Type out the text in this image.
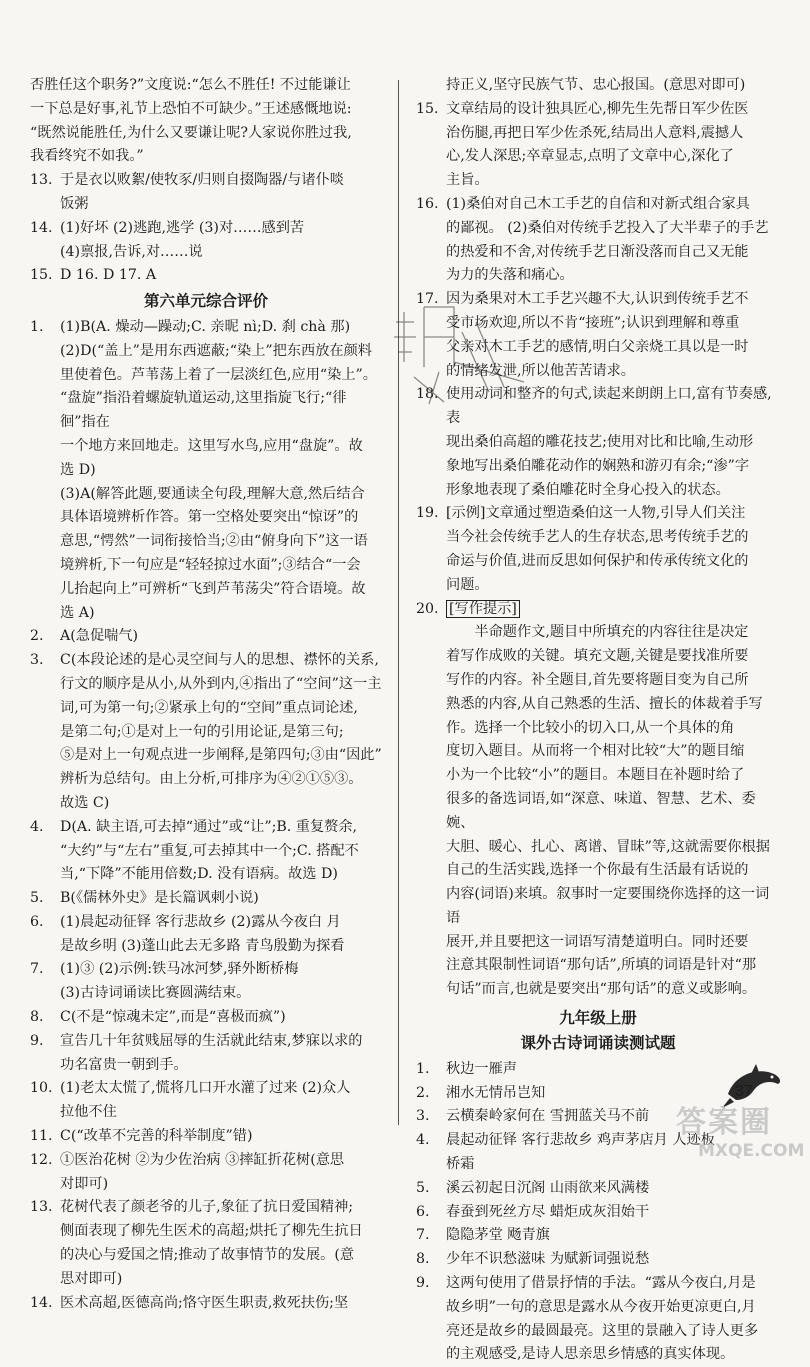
否胜任这个职务?”文度说:“怎么不胜任! 不过能谦让
一下总是好事,礼节上恐怕不可缺少。”王述感慨地说:
“既然说能胜任,为什么又要谦让呢?人家说你胜过我,
我看终究不如我。”
13. 于是衣以败絮/使牧豕/归则自掇陶器/与诸仆啖
饭粥
14. (1)好坏 (2)逃跑,逃学 (3)对……感到苦
(4)禀报,告诉,对……说
15. D 16. D 17. A
第六单元综合评价
1.	(1)B(A. 燥动—躁动;C. 亲昵 nì;D. 刹 chà 那)
(2)D(“盖上”是用东西遮蔽;“染上”把东西放在颜料
里使着色。芦苇荡上着了一层淡红色,应用“染上”。
“盘旋”指沿着螺旋轨道运动,这里指旋飞行;“徘徊”指在
一个地方来回地走。这里写水鸟,应用“盘旋”。故
选 D)
(3)A(解答此题,要通读全句段,理解大意,然后结合
具体语境辨析作答。第一空格处要突出“惊讶”的
意思,“愕然”一词衔接恰当;②由“俯身向下”这一语
境辨析,下一句应是“轻轻掠过水面”;③结合“一会
儿抬起向上”可辨析“飞到芦苇荡尖”符合语境。故
选 A)
2.	A(急促喘气)
3.	C(本段论述的是心灵空间与人的思想、襟怀的关系,
行文的顺序是从小,从外到内,④指出了“空间”这一主
词,可为第一句;②紧承上句的“空间”重点词论述,
是第二句;①是对上一句的引用论证,是第三句;
⑤是对上一句观点进一步阐释,是第四句;③由“因此”
辨析为总结句。由上分析,可排序为④②①⑤③。
故选 C)
4.	D(A. 缺主语,可去掉“通过”或“让”;B. 重复赘余,
“大约”与“左右”重复,可去掉其中一个;C. 搭配不
当,“下降”不能用倍数;D. 没有语病。故选 D)
5.	B(《儒林外史》是长篇讽刺小说)
6.	(1)晨起动征铎 客行悲故乡 (2)露从今夜白 月
是故乡明 (3)蓬山此去无多路 青鸟殷勤为探看
7.	(1)③ (2)示例:铁马冰河梦,驿外断桥梅
(3)古诗词诵读比赛圆满结束。
8.	C(不是“惊魂未定”,而是“喜极而疯”)
9.	宣告几十年贫贱屈辱的生活就此结束,梦寐以求的
功名富贵一朝到手。
10. (1)老太太慌了,慌将几口开水灌了过来 (2)众人
拉他不住
11. C(“改革不完善的科举制度”错)
12. ①医治花树 ②为少佐治病 ③摔缸折花树(意思
对即可)
13. 花树代表了颜老爷的儿子,象征了抗日爱国精神;
侧面表现了柳先生医术的高超;烘托了柳先生抗日
的决心与爱国之情;推动了故事情节的发展。(意
思对即可)
14. 医术高超,医德高尚;恪守医生职责,救死扶伤;坚
持正义,坚守民族气节、忠心报国。(意思对即可)
15. 文章结局的设计独具匠心,柳先生先帮日军少佐医
治伤腿,再把日军少佐杀死,结局出人意料,震撼人
心,发人深思;卒章显志,点明了文章中心,深化了
主旨。
16. (1)桑伯对自己木工手艺的自信和对新式组合家具
的鄙视。 (2)桑伯对传统手艺投入了大半辈子的手艺
的热爱和不舍,对传统手艺日渐没落而自己又无能
为力的失落和痛心。
17. 因为桑果对木工手艺兴趣不大,认识到传统手艺不
受市场欢迎,所以不肯“接班”;认识到理解和尊重
父亲对木工手艺的感情,明白父亲烧工具以是一时
的情绪发泄,所以他苦苦请求。
18. 使用动词和整齐的句式,读起来朗朗上口,富有节奏感,表
现出桑伯高超的雕花技艺;使用对比和比喻,生动形
象地写出桑伯雕花动作的娴熟和游刃有余;“渗”字
形象地表现了桑伯雕花时全身心投入的状态。
19. [示例]文章通过塑造桑伯这一人物,引导人们关注
当今社会传统手艺人的生存状态,思考传统手艺的
命运与价值,进而反思如何保护和传承传统文化的
问题。
20. [写作提示]
半命题作文,题目中所填充的内容往往是决定
着写作成败的关键。填充文题,关键是要找准所要
写作的内容。补全题目,首先要将题目变为自己所
熟悉的内容,从自己熟悉的生活、擅长的体裁着手写
作。选择一个比较小的切入口,从一个具体的角
度切入题目。从而将一个相对比较“大”的题目缩
小为一个比较“小”的题目。本题目在补题时给了
很多的备选词语,如“深意、味道、智慧、艺术、委婉、
大胆、暖心、扎心、离谱、冒昧”等,这就需要你根据
自己的生活实践,选择一个你最有生活最有话说的
内容(词语)来填。叙事时一定要围绕你选择的这一词语
展开,并且要把这一词语写清楚道明白。同时还要
注意其限制性词语“那句话”,所填的词语是针对“那
句话”而言,也就是要突出“那句话”的意义或影响。
九年级上册
课外古诗词诵读测试题
1.	秋边一雁声
2.	湘水无情吊岂知
3.	云横秦岭家何在 雪拥蓝关马不前
4.	晨起动征铎 客行悲故乡 鸡声茅店月 人迹板
桥霜
5.	溪云初起日沉阁 山雨欲来风满楼
6.	春蚕到死丝方尽 蜡炬成灰泪始干
7.	隐隐茅堂 飏青旗
8.	少年不识愁滋味 为赋新词强说愁
9.	这两句使用了借景抒情的手法。“露从今夜白,月是
故乡明”一句的意思是露水从今夜开始更凉更白,月
亮还是故乡的最圆最亮。这里的景融入了诗人更多
的主观感受,是诗人思亲思乡情感的真实体现。
37
答案圈
MXQE.COM
